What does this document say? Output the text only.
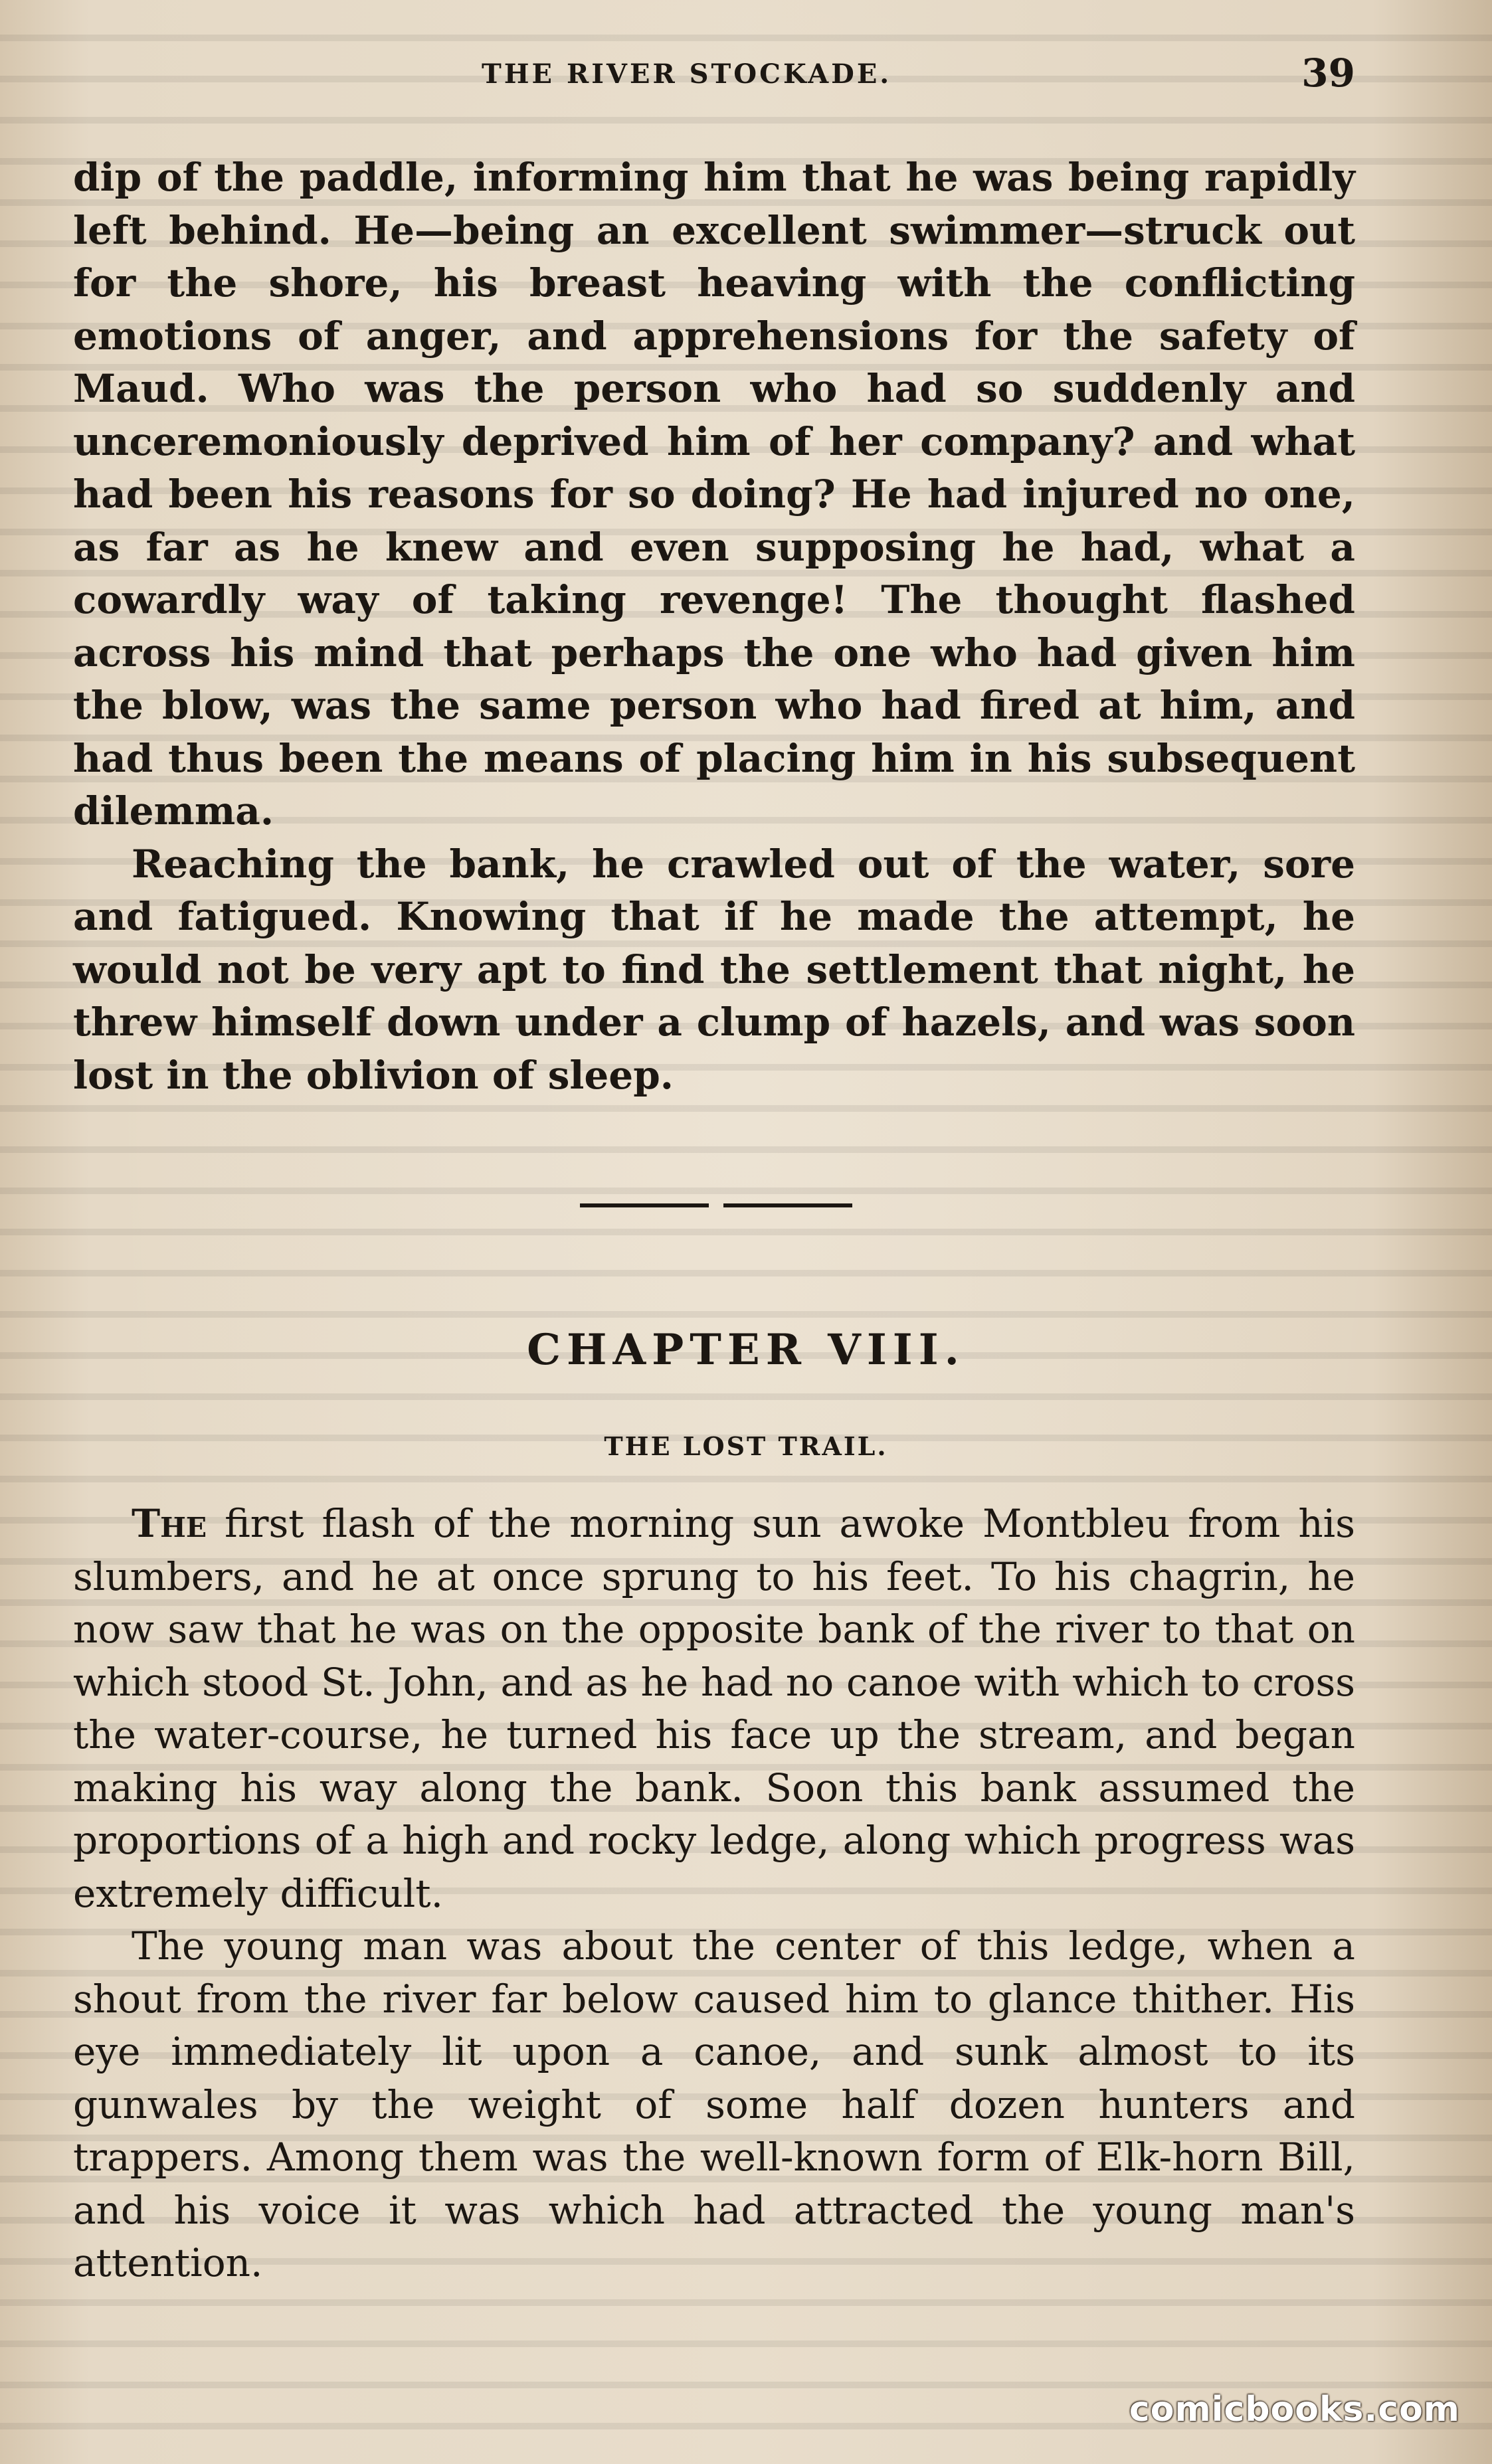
THE RIVER STOCKADE.	39

dip of the paddle, informing him that he was being rapidly left behind. He—being an excellent swimmer—struck out for the shore, his breast heaving with the conflicting emotions of anger, and apprehensions for the safety of Maud. Who was the person who had so suddenly and unceremoniously deprived him of her company? and what had been his reasons for so doing? He had injured no one, as far as he knew and even supposing he had, what a cowardly way of taking revenge! The thought flashed across his mind that perhaps the one who had given him the blow, was the same person who had fired at him, and had thus been the means of placing him in his subsequent dilemma.

Reaching the bank, he crawled out of the water, sore and fatigued. Knowing that if he made the attempt, he would not be very apt to find the settlement that night, he threw himself down under a clump of hazels, and was soon lost in the oblivion of sleep.

CHAPTER VIII.
THE LOST TRAIL.

The first flash of the morning sun awoke Montbleu from his slumbers, and he at once sprung to his feet. To his chagrin, he now saw that he was on the opposite bank of the river to that on which stood St. John, and as he had no canoe with which to cross the water-course, he turned his face up the stream, and began making his way along the bank. Soon this bank assumed the proportions of a high and rocky ledge, along which progress was extremely difficult.

The young man was about the center of this ledge, when a shout from the river far below caused him to glance thither. His eye immediately lit upon a canoe, and sunk almost to its gunwales by the weight of some half dozen hunters and trappers. Among them was the well-known form of Elk-horn Bill, and his voice it was which had attracted the young man's attention.

comicbooks.com
